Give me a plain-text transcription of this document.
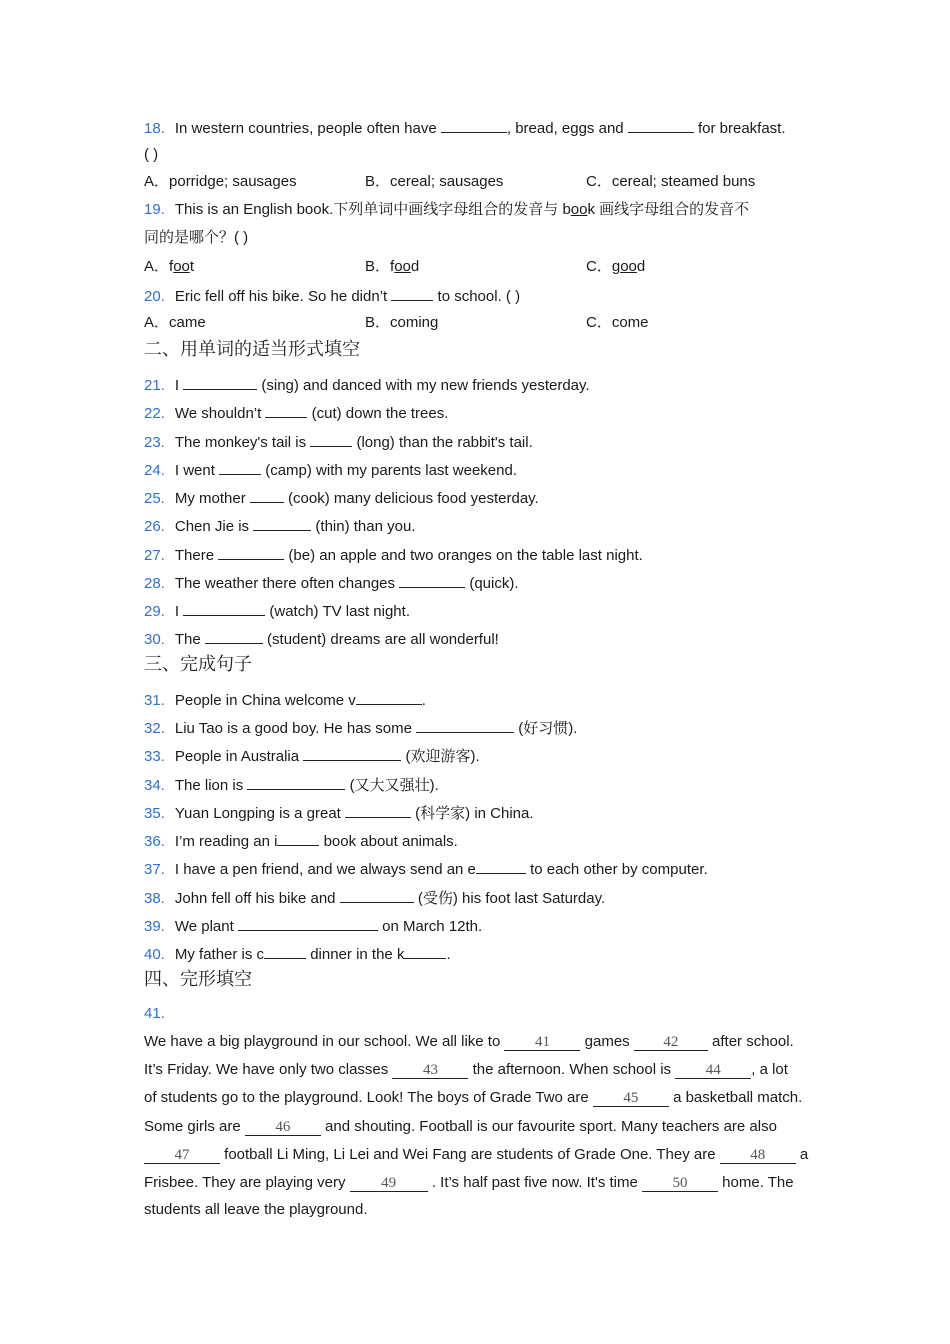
18. In western countries, people often have	, bread, eggs and	for breakfast.
( )
A．porridge; sausages	B．cereal; sausages	C．cereal; steamed buns
19. This is an English book.下列单词中画线字母组合的发音与 book 画线字母组合的发音不
同的是哪个？( )
A．foot	B．food	C．good
20. Eric fell off his bike. So he didn’t	to school. ( )
A．came	B．coming	C．come
二、用单词的适当形式填空
21. I	(sing) and danced with my new friends yesterday.
22. We shouldn’t	(cut) down the trees.
23. The monkey's tail is	(long) than the rabbit's tail.
24. I went	(camp) with my parents last weekend.
25. My mother  (cook) many delicious food yesterday.
26. Chen Jie is	(thin) than you.
27. There	(be) an apple and two oranges on the table last night.
28. The weather there often changes	(quick).
29. I	(watch) TV last night.
30. The	(student) dreams are all wonderful!
三、完成句子
31. People in China welcome v	.
32. Liu Tao is a good boy. He has some	(好习惯).
33. People in Australia	(欢迎游客).
34. The lion is	(又大又强壮).
35. Yuan Longping is a great	(科学家) in China.
36. I’m reading an i	book about animals.
37. I have a pen friend, and we always send an e	to each other by computer.
38. John fell off his bike and	(受伤) his foot last Saturday.
39. We plant	on March 12th.
40. My father is c	dinner in the k	.
四、完形填空
41.
We have a big playground in our school. We all like to 41 games 42 after school.
It’s Friday. We have only two classes 43 the afternoon. When school is 44 , a lot
of students go to the playground. Look! The boys of Grade Two are 45 a basketball match.
Some girls are 46 and shouting. Football is our favourite sport. Many teachers are also
47 football Li Ming, Li Lei and Wei Fang are students of Grade One. They are 48 a
Frisbee. They are playing very 49 . It’s half past five now. It's time 50 home. The
students all leave the playground.
